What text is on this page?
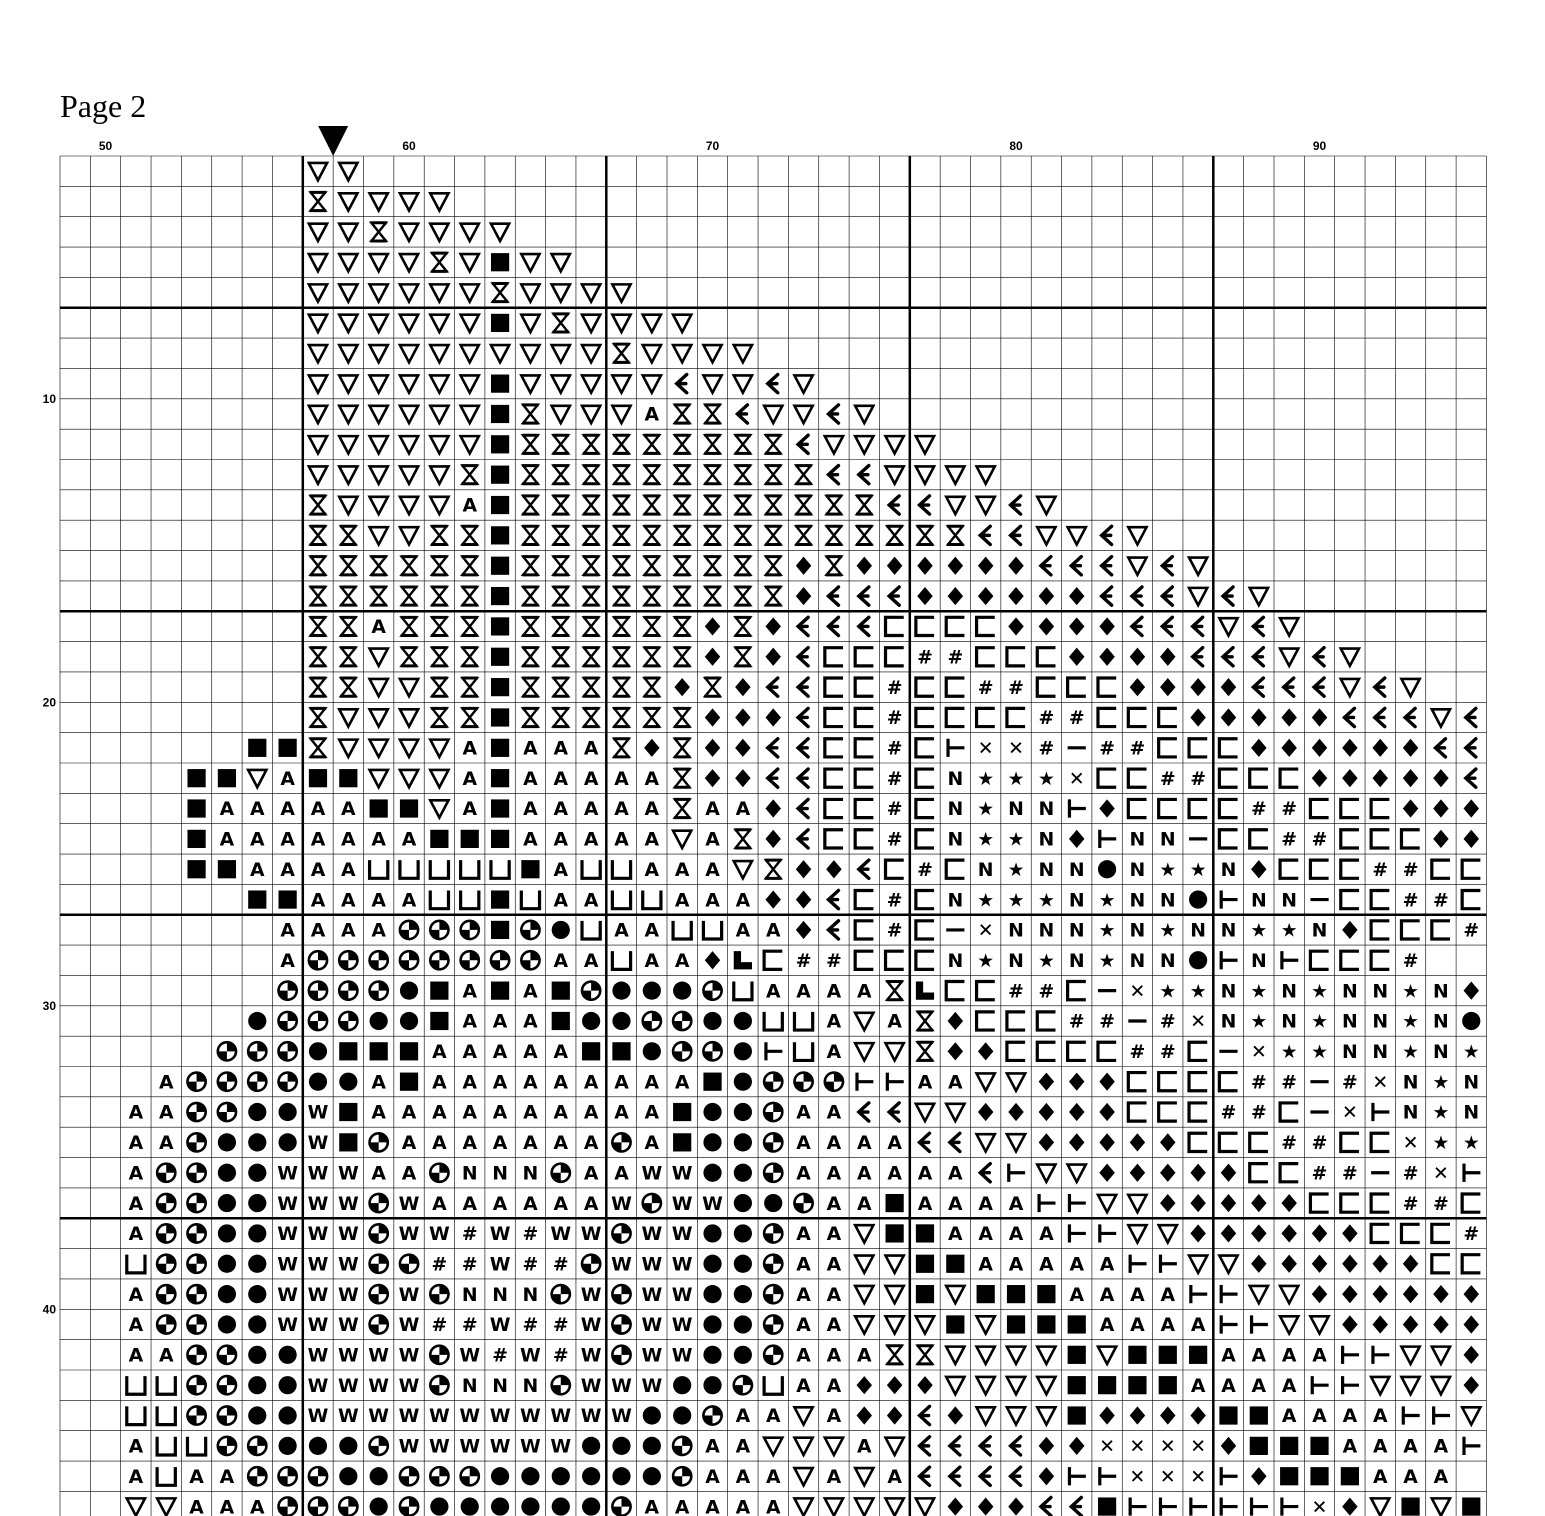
Page 2
A
A
A
# #
#	# #
#	# #
A A A A	#	✕ ✕ # # #
A	A A A A A A	# N ★ ★ ★ ✕	# #
A A A A A	A A A A A A A A	# N ★ N N	# #
A A A A A A A	A A A A A A	# N ★ ★ N	N N	# #
A A A A	A	A A A	# N ★ N N N ★ ★ N	# #
A A A A	A A	A A A	# N ★ ★ ★ N ★ N N	N N	# #
A A A A	A A	A A	#	✕ N N N ★ N ★ N N ★ ★ N	#
A	A A A A	# #	N ★ N ★ N ★ N N	N	#
A A	A A A A	# #	✕ ★ ★ N ★ N ★ N N ★ N
A A A	A A	# # # ✕ N ★ N ★ N N ★ N
A A A A A	A	# #	✕ ★ ★ N N ★ N ★
A	A A A A A A A A A A	A A	# # # ✕ N ★ N
A A	W A A A A A A A A A A	A A	# #	✕ N ★ N
A A	W	A A A A A A A A	A A A A	# #	✕ ★ ★
A	W W W A A N N N A A W W	A A A A A A	# # # ✕
A	W W W W A A A A A A W W W	A A A A A A	# #
A	W W W W W # W # W W W W	A A	A A A A	#
W W W	# # W # # W W W	A A	A A A A A
A	W W W W N N N W W W	A A	A A A A
A	W W W W # # W # # W W W	A A	A A A A
A A	W W W W W # W # W W W	A A A	A A A A
W W W W N N N W W W	A A	A A A A
W W W W W W W W W W W	A A A	A A A A
A	W W W W W W	A A	A	✕ ✕ ✕ ✕	A A A A
A A A	A A A A A	✕ ✕ ✕	A A A
A A A	A A A A A	✕
50	60	70	80	90
10
20
30
40
